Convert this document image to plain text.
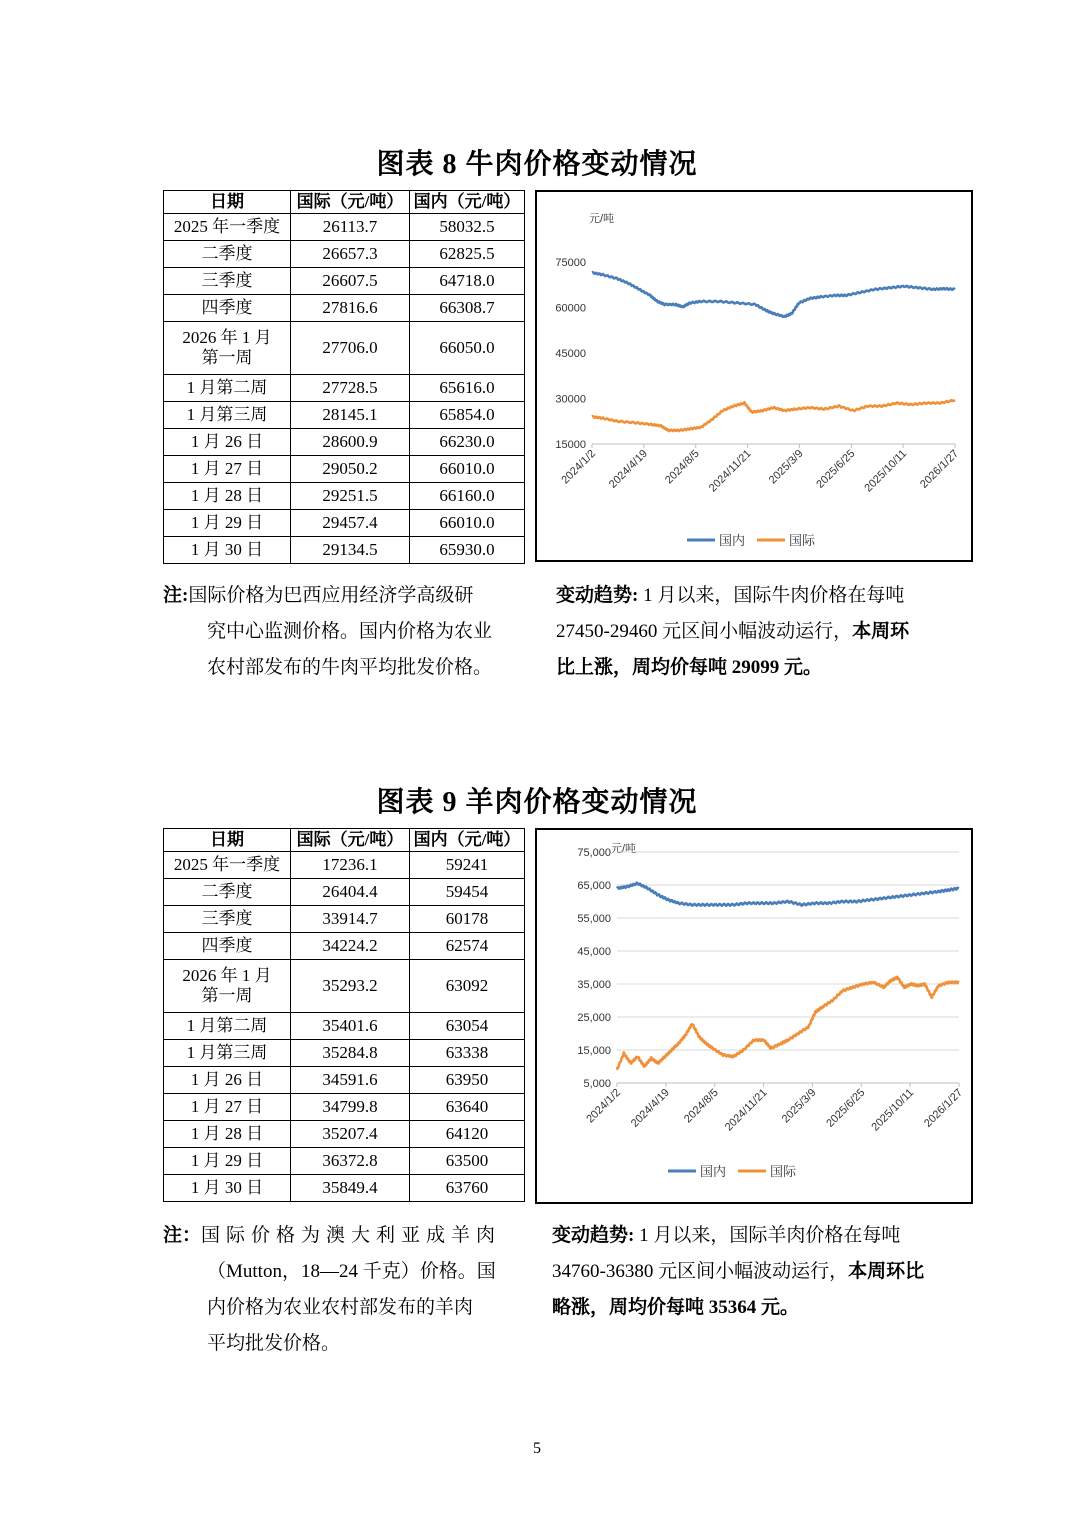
图表 8 牛肉价格变动情况
日期	国际（元/吨）	国内（元/吨）
2025 年一季度	26113.7	58032.5
二季度	26657.3	62825.5
三季度	26607.5	64718.0
四季度	27816.6	66308.7
2026 年 1 月
第一周	27706.0	66050.0
1 月第二周	27728.5	65616.0
1 月第三周	28145.1	65854.0
1 月 26 日	28600.9	66230.0
1 月 27 日	29050.2	66010.0
1 月 28 日	29251.5	66160.0
1 月 29 日	29457.4	66010.0
1 月 30 日	29134.5	65930.0
元/吨
75000
60000
45000
30000
15000
2024/1/2 2024/4/19 2024/8/5 2024/11/21 2025/3/9 2025/6/25 2025/10/11 2026/1/27
国内	国际
注:国际价格为巴西应用经济学高级研
究中心监测价格。国内价格为农业
农村部发布的牛肉平均批发价格。
变动趋势: 1 月以来，国际牛肉价格在每吨
27450-29460 元区间小幅波动运行，本周环
比上涨，周均价每吨 29099 元。
图表 9 羊肉价格变动情况
日期	国际（元/吨）	国内（元/吨）
2025 年一季度	17236.1	59241
二季度	26404.4	59454
三季度	33914.7	60178
四季度	34224.2	62574
2026 年 1 月
第一周	35293.2	63092
1 月第二周	35401.6	63054
1 月第三周	35284.8	63338
1 月 26 日	34591.6	63950
1 月 27 日	34799.8	63640
1 月 28 日	35207.4	64120
1 月 29 日	36372.8	63500
1 月 30 日	35849.4	63760
元/吨
75,000
65,000
55,000
45,000
35,000
25,000
15,000
5,000
2024/1/2 2024/4/19 2024/8/5 2024/11/21 2025/3/9 2025/6/25 2025/10/11 2026/1/27
国内	国际
注：国际价格为澳大利亚成羊肉
（Mutton，18—24 千克）价格。国
内价格为农业农村部发布的羊肉
平均批发价格。
变动趋势: 1 月以来，国际羊肉价格在每吨
34760-36380 元区间小幅波动运行，本周环比
略涨，周均价每吨 35364 元。
5
